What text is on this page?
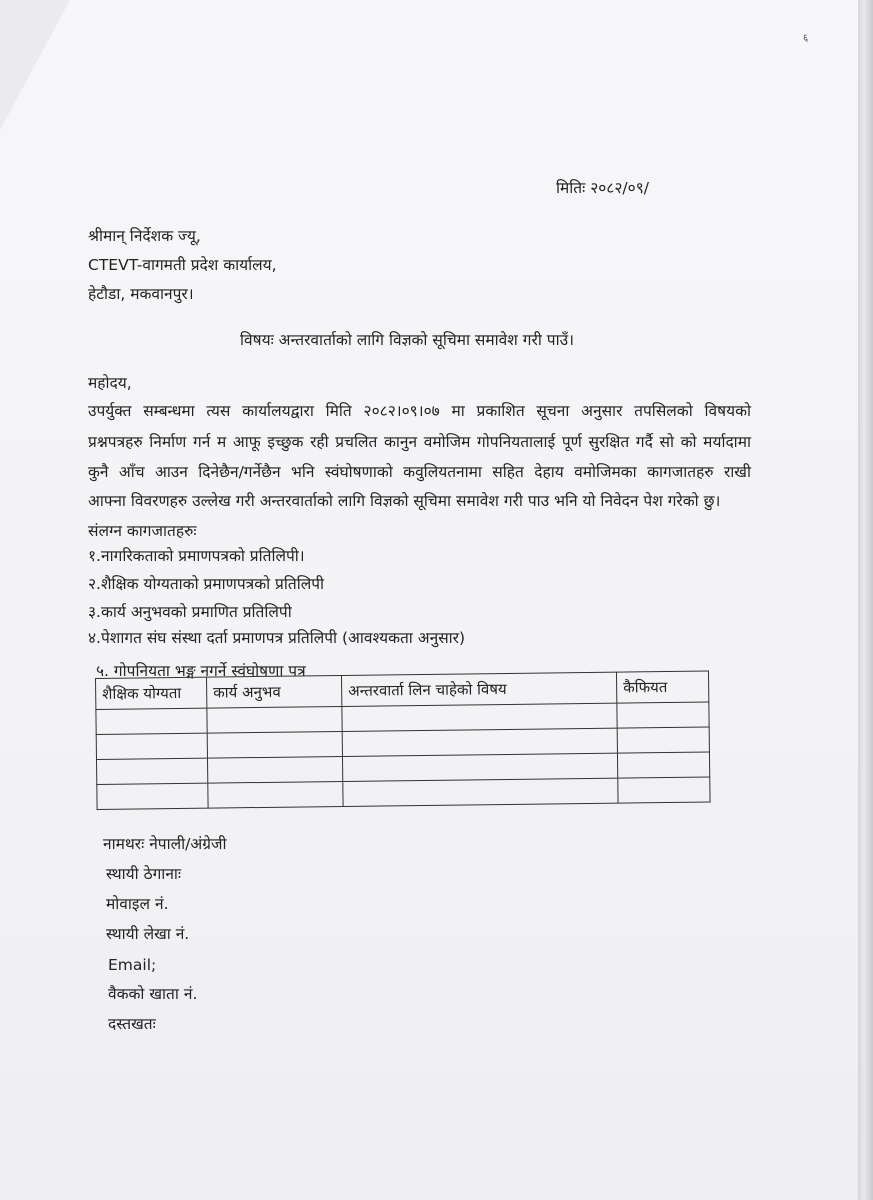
६
मितिः २०८२/०९/
श्रीमान् निर्देशक ज्यू,
CTEVT-वागमती प्रदेश कार्यालय,
हेटौडा, मकवानपुर।
विषयः अन्तरवार्ताको लागि विज्ञको सूचिमा समावेश गरी पाउँ।
महोदय,
उपर्युक्त सम्बन्धमा त्यस कार्यालयद्वारा मिति २०८२।०९।०७ मा प्रकाशित सूचना अनुसार तपसिलको विषयको
प्रश्नपत्रहरु निर्माण गर्न म आफू इच्छुक रही प्रचलित कानुन वमोजिम गोपनियतालाई पूर्ण सुरक्षित गर्दै सो को मर्यादामा
कुनै आँच आउन दिनेछैन/गर्नेछैन भनि स्वंघोषणाको कवुलियतनामा सहित देहाय वमोजिमका कागजातहरु राखी
आफ्ना विवरणहरु उल्लेख गरी अन्तरवार्ताको लागि विज्ञको सूचिमा समावेश गरी पाउ भनि यो निवेदन पेश गरेको छु।
संलग्न कागजातहरुः
१.नागरिकताको प्रमाणपत्रको प्रतिलिपी।
२.शैक्षिक योग्यताको प्रमाणपत्रको प्रतिलिपी
३.कार्य अनुभवको प्रमाणित प्रतिलिपी
४.पेशागत संघ संस्था दर्ता प्रमाणपत्र प्रतिलिपी (आवश्यकता अनुसार)
५. गोपनियता भङ्ग नगर्ने स्वंघोषणा पत्र
शैक्षिक योग्यता	कार्य अनुभव	अन्तरवार्ता लिन चाहेको विषय	कैफियत

नामथरः नेपाली/अंग्रेजी
स्थायी ठेगानाः
मोवाइल नं.
स्थायी लेखा नं.
Email;
वैकको खाता नं.
दस्तखतः
